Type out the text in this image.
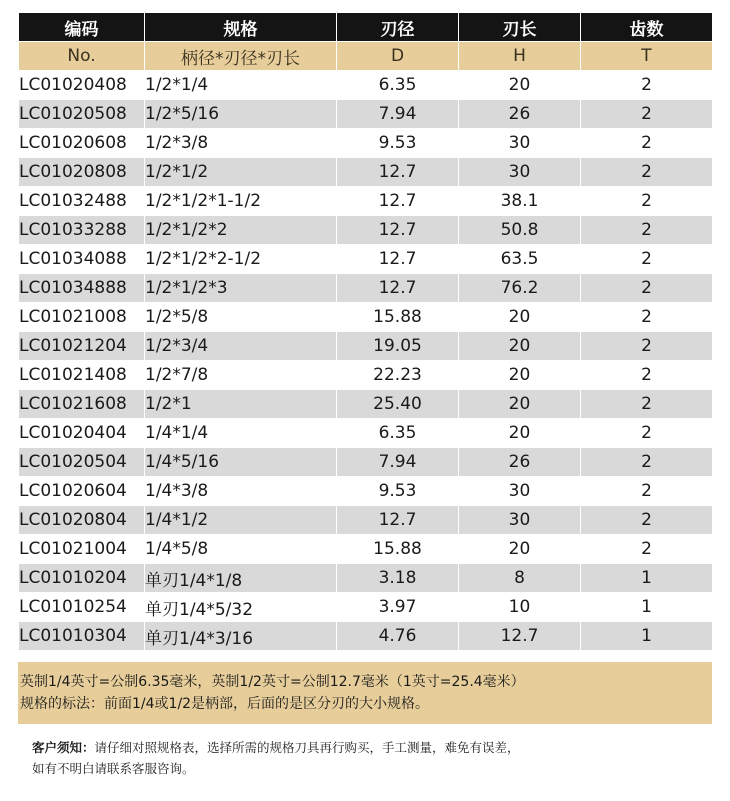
编码	规格	刃径	刃长	齿数
No.	柄径*刃径*刃长	D	H	T
LC01020408	1/2*1/4	6.35	20	2
LC01020508	1/2*5/16	7.94	26	2
LC01020608	1/2*3/8	9.53	30	2
LC01020808	1/2*1/2	12.7	30	2
LC01032488	1/2*1/2*1-1/2	12.7	38.1	2
LC01033288	1/2*1/2*2	12.7	50.8	2
LC01034088	1/2*1/2*2-1/2	12.7	63.5	2
LC01034888	1/2*1/2*3	12.7	76.2	2
LC01021008	1/2*5/8	15.88	20	2
LC01021204	1/2*3/4	19.05	20	2
LC01021408	1/2*7/8	22.23	20	2
LC01021608	1/2*1	25.40	20	2
LC01020404	1/4*1/4	6.35	20	2
LC01020504	1/4*5/16	7.94	26	2
LC01020604	1/4*3/8	9.53	30	2
LC01020804	1/4*1/2	12.7	30	2
LC01021004	1/4*5/8	15.88	20	2
LC01010204	单刃1/4*1/8	3.18	8	1
LC01010254	单刃1/4*5/32	3.97	10	1
LC01010304	单刃1/4*3/16	4.76	12.7	1
英制1/4英寸=公制6.35毫米，英制1/2英寸=公制12.7毫米（1英寸=25.4毫米）
规格的标法：前面1/4或1/2是柄部，后面的是区分刃的大小规格。
客户须知：请仔细对照规格表，选择所需的规格刀具再行购买，手工测量，难免有误差，
如有不明白请联系客服咨询。
